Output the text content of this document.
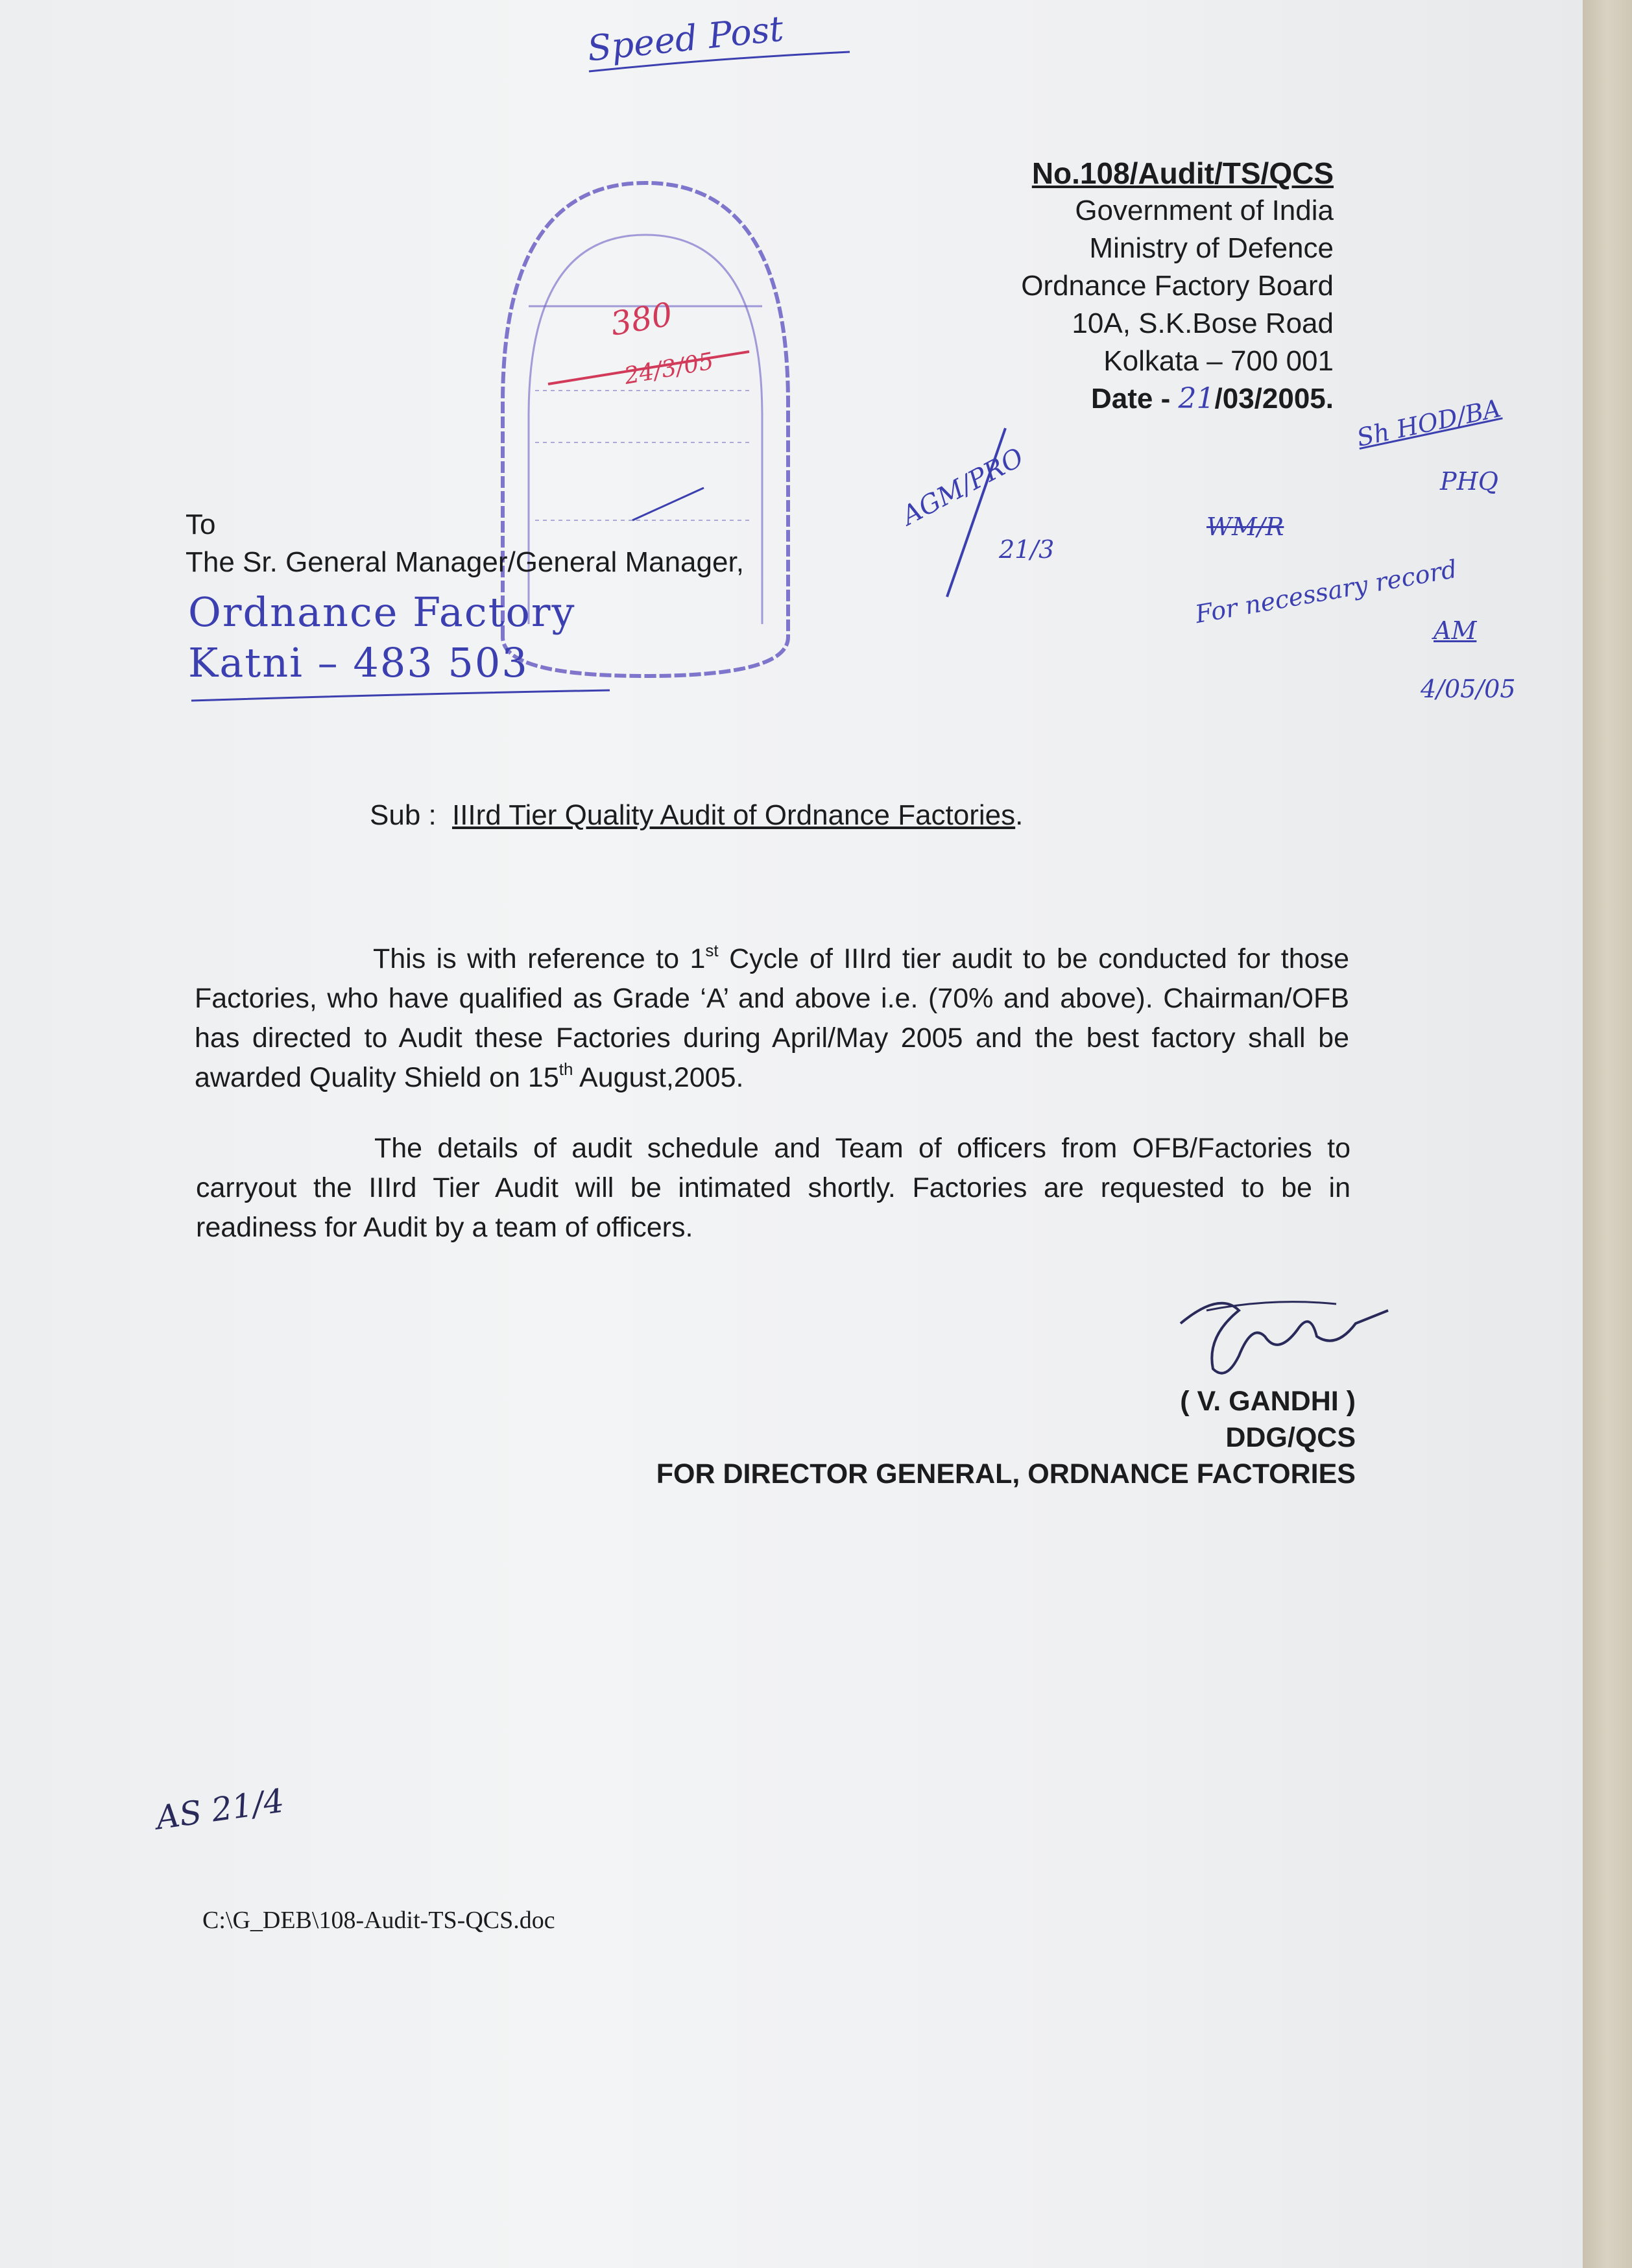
Speed Post
No.108/Audit/TS/QCS
Government of India
Ministry of Defence
Ordnance Factory Board
10A, S.K.Bose Road
Kolkata – 700 001
Date - 21/03/2005.
380
24/3/05
To
The Sr. General Manager/General Manager,
Ordnance Factory
Katni – 483 503
AGM/PRO
21/3
Sh HOD/BA
PHQ
WM/R
For necessary record
AM
4/05/05
Sub : IIIrd Tier Quality Audit of Ordnance Factories.
This is with reference to 1st Cycle of IIIrd tier audit to be conducted for those Factories, who have qualified as Grade ‘A’ and above i.e. (70% and above). Chairman/OFB has directed to Audit these Factories during April/May 2005 and the best factory shall be awarded Quality Shield on 15th August,2005.
The details of audit schedule and Team of officers from OFB/Factories to carryout the IIIrd Tier Audit will be intimated shortly. Factories are requested to be in readiness for Audit by a team of officers.
( V. GANDHI )
DDG/QCS
FOR DIRECTOR GENERAL, ORDNANCE FACTORIES
AS 21/4
C:\G_DEB\108-Audit-TS-QCS.doc
